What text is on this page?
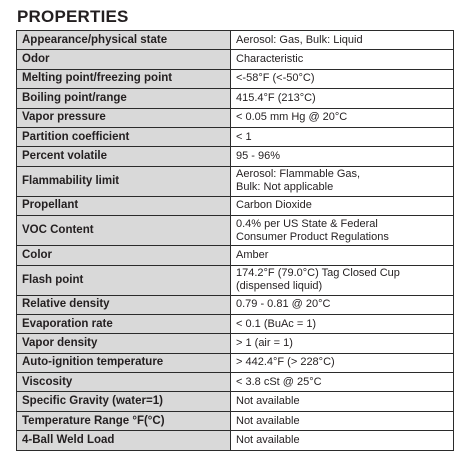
PROPERTIES
Appearance/physical state	Aerosol: Gas, Bulk: Liquid

Odor	Characteristic

Melting point/freezing point	<-58°F (<-50°C)

Boiling point/range	415.4°F (213°C)

Vapor pressure	< 0.05 mm Hg @ 20°C

Partition coefficient	< 1

Percent volatile	95 - 96%

Flammability limit	Aerosol: Flammable Gas,
Bulk: Not applicable

Propellant	Carbon Dioxide

VOC Content	0.4% per US State & Federal
Consumer Product Regulations

Color	Amber

Flash point	174.2°F (79.0°C) Tag Closed Cup
(dispensed liquid)

Relative density	0.79 - 0.81 @ 20°C

Evaporation rate	< 0.1 (BuAc = 1)

Vapor density	> 1 (air = 1)

Auto-ignition temperature	> 442.4°F (> 228°C)

Viscosity	< 3.8 cSt @ 25°C

Specific Gravity (water=1)	Not available

Temperature Range °F(°C)	Not available

4-Ball Weld Load	Not available
